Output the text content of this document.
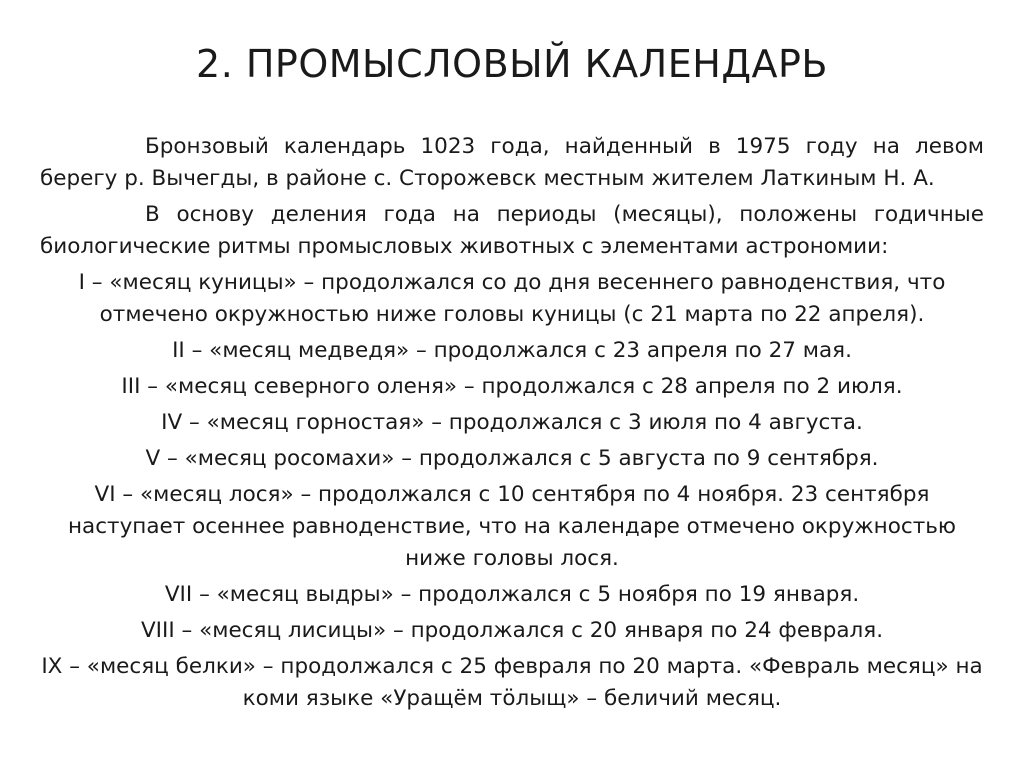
2. ПРОМЫСЛОВЫЙ КАЛЕНДАРЬ

Бронзовый календарь 1023 года, найденный в 1975 году на левом берегу р. Вычегды, в районе с. Сторожевск местным жителем Латкиным Н. А.

В основу деления года на периоды (месяцы), положены годичные биологические ритмы промысловых животных с элементами астрономии:

I – «месяц куницы» – продолжался со до дня весеннего равноденствия, что отмечено окружностью ниже головы куницы (с 21 марта по 22 апреля).

II – «месяц медведя» – продолжался с 23 апреля по 27 мая.

III – «месяц северного оленя» – продолжался с 28 апреля по 2 июля.

IV – «месяц горностая» – продолжался с 3 июля по 4 августа.

V – «месяц росомахи» – продолжался с 5 августа по 9 сентября.

VI – «месяц лося» – продолжался с 10 сентября по 4 ноября. 23 сентября наступает осеннее равноденствие, что на календаре отмечено окружностью ниже головы лося.

VII – «месяц выдры» – продолжался с 5 ноября по 19 января.

VIII – «месяц лисицы» – продолжался с 20 января по 24 февраля.

IX – «месяц белки» – продолжался с 25 февраля по 20 марта. «Февраль месяц» на коми языке «Уращём тöлыщ» – беличий месяц.
